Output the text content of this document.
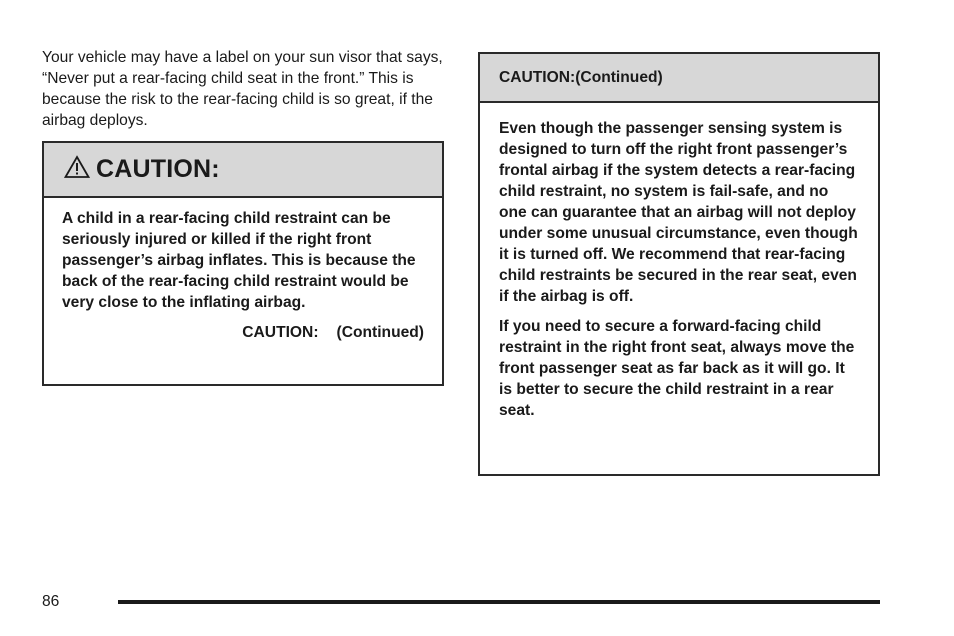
Your vehicle may have a label on your sun visor that says, “Never put a rear-facing child seat in the front.” This is because the risk to the rear-facing child is so great, if the airbag deploys.

CAUTION:

A child in a rear-facing child restraint can be seriously injured or killed if the right front passenger’s airbag inflates. This is because the back of the rear-facing child restraint would be very close to the inflating airbag.

CAUTION: (Continued)
CAUTION: (Continued)

Even though the passenger sensing system is designed to turn off the right front passenger’s frontal airbag if the system detects a rear-facing child restraint, no system is fail-safe, and no one can guarantee that an airbag will not deploy under some unusual circumstance, even though it is turned off. We recommend that rear-facing child restraints be secured in the rear seat, even if the airbag is off.

If you need to secure a forward-facing child restraint in the right front seat, always move the front passenger seat as far back as it will go. It is better to secure the child restraint in a rear seat.

86
